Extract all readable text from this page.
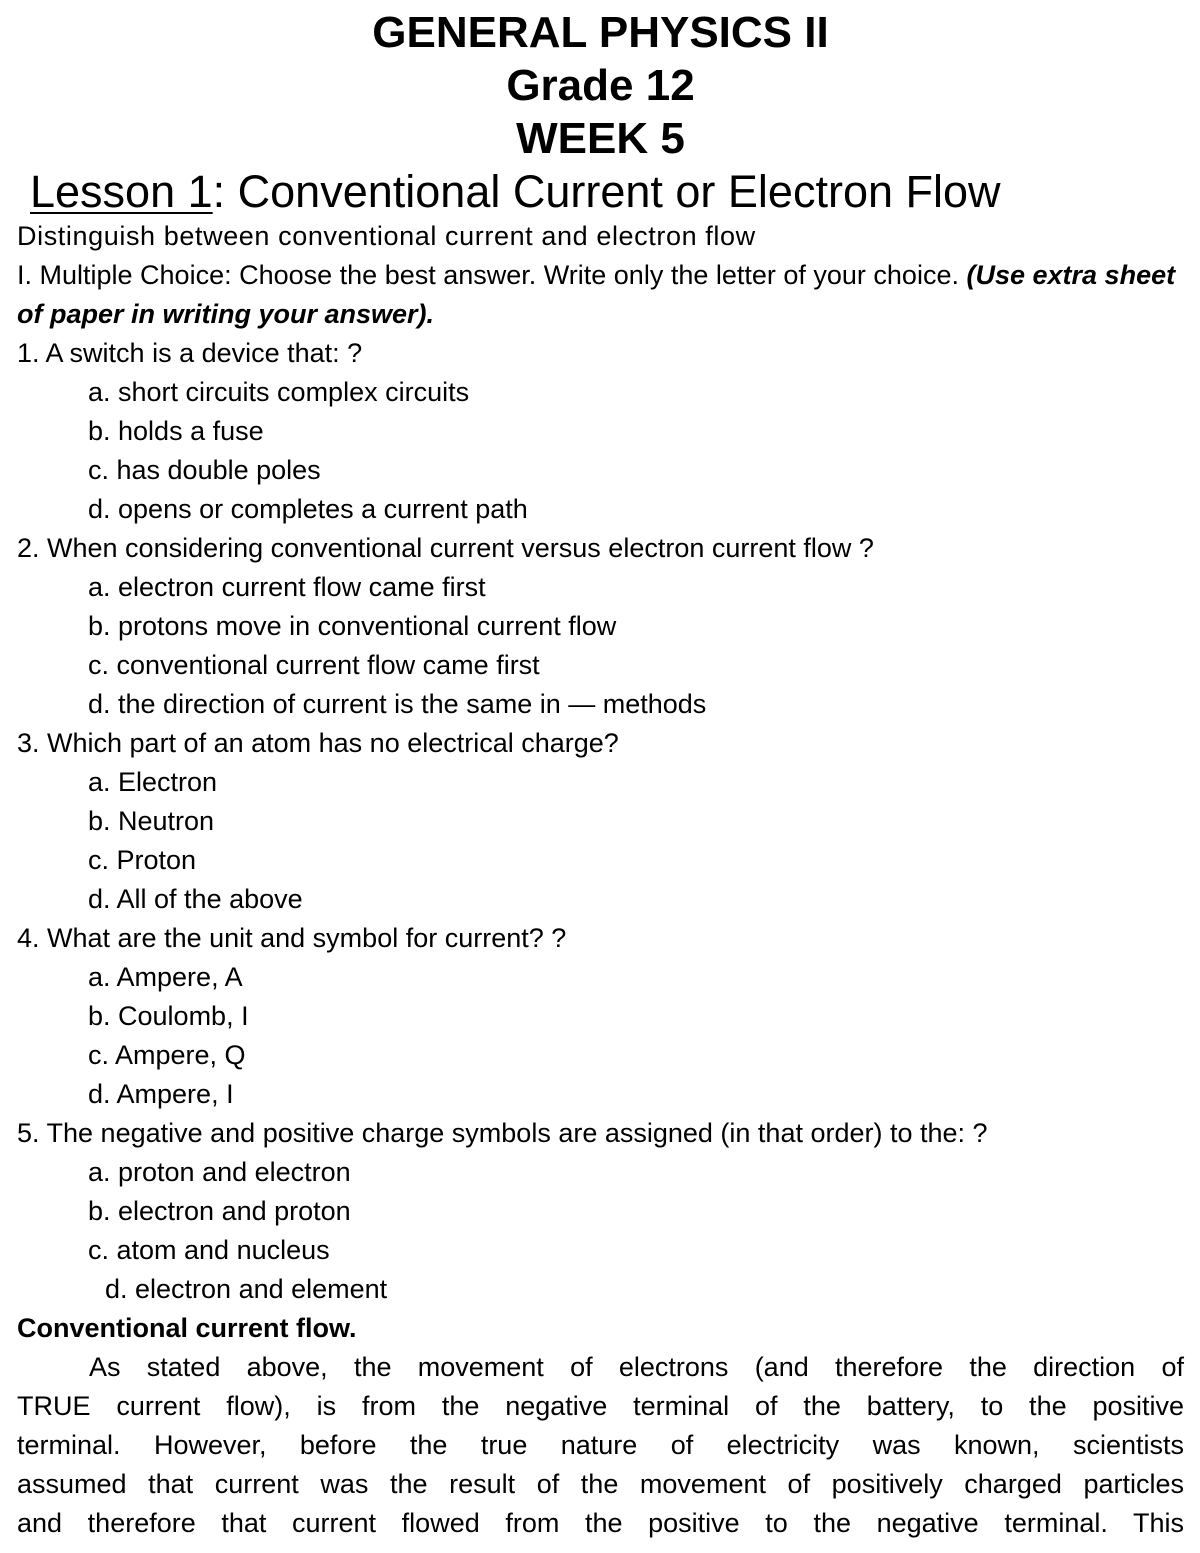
GENERAL PHYSICS II
Grade 12
WEEK 5
Lesson 1: Conventional Current or Electron Flow
Distinguish between conventional current and electron flow
I. Multiple Choice: Choose the best answer. Write only the letter of your choice. (Use extra sheet of paper in writing your answer).
1. A switch is a device that: ?
a. short circuits complex circuits
b. holds a fuse
c. has double poles
d. opens or completes a current path
2. When considering conventional current versus electron current flow ?
a. electron current flow came first
b. protons move in conventional current flow
c. conventional current flow came first
d. the direction of current is the same in — methods
3. Which part of an atom has no electrical charge?
a. Electron
b. Neutron
c. Proton
d. All of the above
4. What are the unit and symbol for current? ?
a. Ampere, A
b. Coulomb, I
c. Ampere, Q
d. Ampere, I
5. The negative and positive charge symbols are assigned (in that order) to the: ?
a. proton and electron
b. electron and proton
c. atom and nucleus
d. electron and element
Conventional current flow.
As stated above, the movement of electrons (and therefore the direction of
TRUE current flow), is from the negative terminal of the battery, to the positive
terminal. However, before the true nature of electricity was known, scientists
assumed that current was the result of the movement of positively charged particles
and therefore that current flowed from the positive to the negative terminal. This
